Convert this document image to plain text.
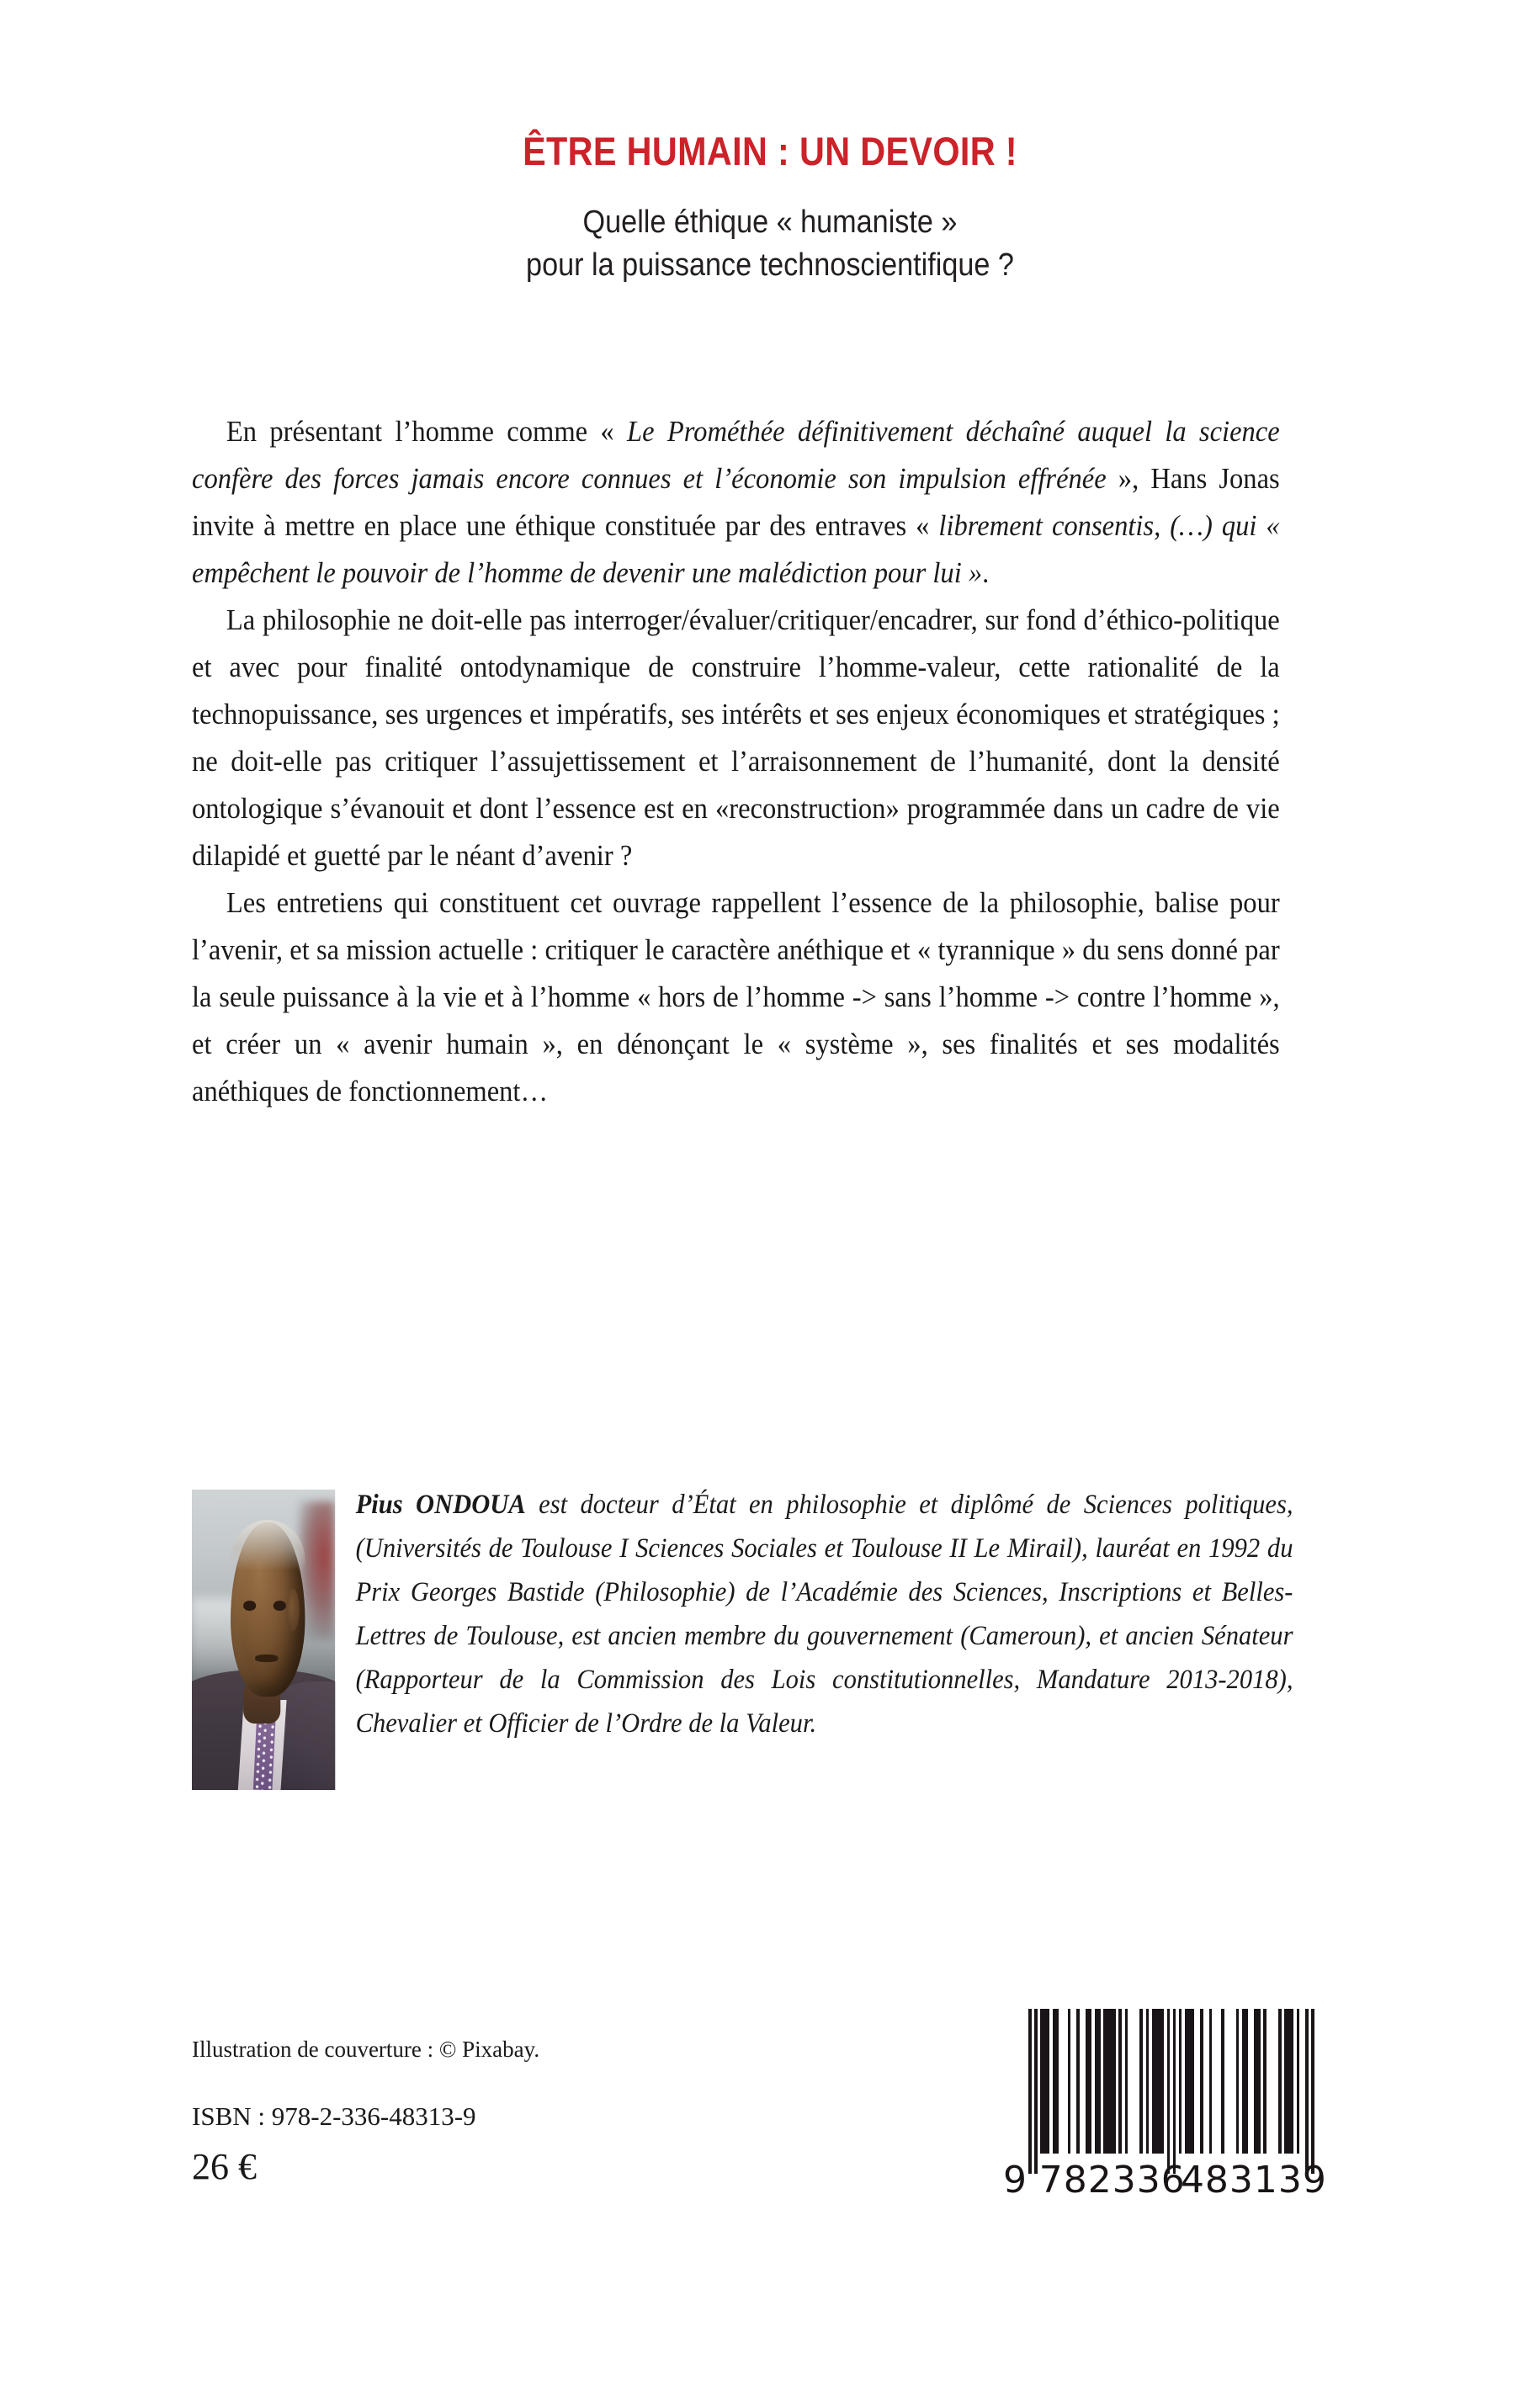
ÊTRE HUMAIN : UN DEVOIR !
Quelle éthique « humaniste »
pour la puissance technoscientifique ?

En présentant l’homme comme « Le Prométhée définitivement déchaîné auquel la science confère des forces jamais encore connues et l’économie son impulsion effrénée », Hans Jonas invite à mettre en place une éthique constituée par des entraves « librement consentis, (…) qui « empêchent le pouvoir de l’homme de devenir une malédiction pour lui ».

La philosophie ne doit-elle pas interroger/évaluer/critiquer/encadrer, sur fond d’éthico-politique et avec pour finalité ontodynamique de construire l’homme-valeur, cette rationalité de la technopuissance, ses urgences et impératifs, ses intérêts et ses enjeux économiques et stratégiques ; ne doit-elle pas critiquer l’assujettissement et l’arraisonnement de l’humanité, dont la densité ontologique s’évanouit et dont l’essence est en «reconstruction» programmée dans un cadre de vie dilapidé et guetté par le néant d’avenir ?

Les entretiens qui constituent cet ouvrage rappellent l’essence de la philosophie, balise pour l’avenir, et sa mission actuelle : critiquer le caractère anéthique et « tyrannique » du sens donné par la seule puissance à la vie et à l’homme « hors de l’homme -> sans l’homme -> contre l’homme », et créer un « avenir humain », en dénonçant le « système », ses finalités et ses modalités anéthiques de fonctionnement…

Pius ONDOUA est docteur d’État en philosophie et diplômé de Sciences politiques, (Universités de Toulouse I Sciences Sociales et Toulouse II Le Mirail), lauréat en 1992 du Prix Georges Bastide (Philosophie) de l’Académie des Sciences, Inscriptions et Belles-Lettres de Toulouse, est ancien membre du gouvernement (Cameroun), et ancien Sénateur (Rapporteur de la Commission des Lois constitutionnelles, Mandature 2013-2018), Chevalier et Officier de l’Ordre de la Valeur.

Illustration de couverture : © Pixabay.

ISBN : 978-2-336-48313-9

26 €	9 782336
483139
